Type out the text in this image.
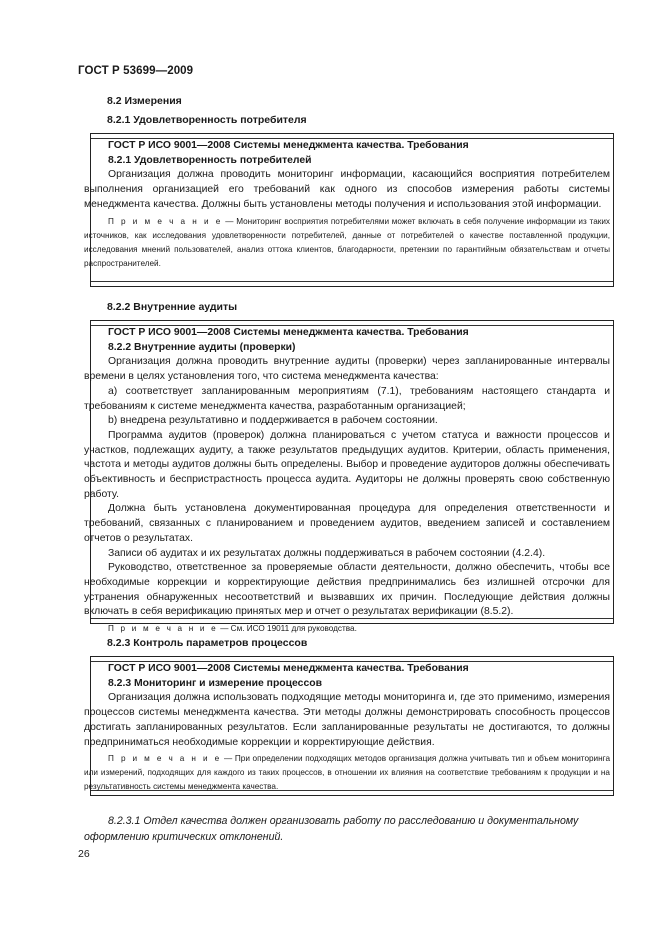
ГОСТ Р 53699—2009
8.2 Измерения
8.2.1 Удовлетворенность потребителя

ГОСТ Р ИСО 9001—2008 Системы менеджмента качества. Требования

8.2.1 Удовлетворенность потребителей

Организация должна проводить мониторинг информации, касающийся восприятия потребителем выполнения организацией его требований как одного из способов измерения работы системы менеджмента качества. Должны быть установлены методы получения и использования этой информации.

П р и м е ч а н и е — Мониторинг восприятия потребителями может включать в себя получение информации из таких источников, как исследования удовлетворенности потребителей, данные от потребителей о качестве поставленной продукции, исследования мнений пользователей, анализ оттока клиентов, благодарности, претензии по гарантийным обязательствам и отчеты распространителей.

8.2.2 Внутренние аудиты

ГОСТ Р ИСО 9001—2008 Системы менеджмента качества. Требования

8.2.2 Внутренние аудиты (проверки)

Организация должна проводить внутренние аудиты (проверки) через запланированные интервалы времени в целях установления того, что система менеджмента качества:

a) соответствует запланированным мероприятиям (7.1), требованиям настоящего стандарта и требованиям к системе менеджмента качества, разработанным организацией;

b) внедрена результативно и поддерживается в рабочем состоянии.

Программа аудитов (проверок) должна планироваться с учетом статуса и важности процессов и участков, подлежащих аудиту, а также результатов предыдущих аудитов. Критерии, область применения, частота и методы аудитов должны быть определены. Выбор и проведение аудиторов должны обеспечивать объективность и беспристрастность процесса аудита. Аудиторы не должны проверять свою собственную работу.

Должна быть установлена документированная процедура для определения ответственности и требований, связанных с планированием и проведением аудитов, введением записей и составлением отчетов о результатах.

Записи об аудитах и их результатах должны поддерживаться в рабочем состоянии (4.2.4).

Руководство, ответственное за проверяемые области деятельности, должно обеспечить, чтобы все необходимые коррекции и корректирующие действия предпринимались без излишней отсрочки для устранения обнаруженных несоответствий и вызвавших их причин. Последующие действия должны включать в себя верификацию принятых мер и отчет о результатах верификации (8.5.2).

П р и м е ч а н и е — См. ИСО 19011 для руководства.

8.2.3 Контроль параметров процессов

ГОСТ Р ИСО 9001—2008 Системы менеджмента качества. Требования

8.2.3 Мониторинг и измерение процессов

Организация должна использовать подходящие методы мониторинга и, где это применимо, измерения процессов системы менеджмента качества. Эти методы должны демонстрировать способность процессов достигать запланированных результатов. Если запланированные результаты не достигаются, то должны предприниматься необходимые коррекции и корректирующие действия.

П р и м е ч а н и е — При определении подходящих методов организация должна учитывать тип и объем мониторинга или измерений, подходящих для каждого из таких процессов, в отношении их влияния на соответствие требованиям к продукции и на результативность системы менеджмента качества.

8.2.3.1 Отдел качества должен организовать работу по расследованию и документальному оформлению критических отклонений.
26
